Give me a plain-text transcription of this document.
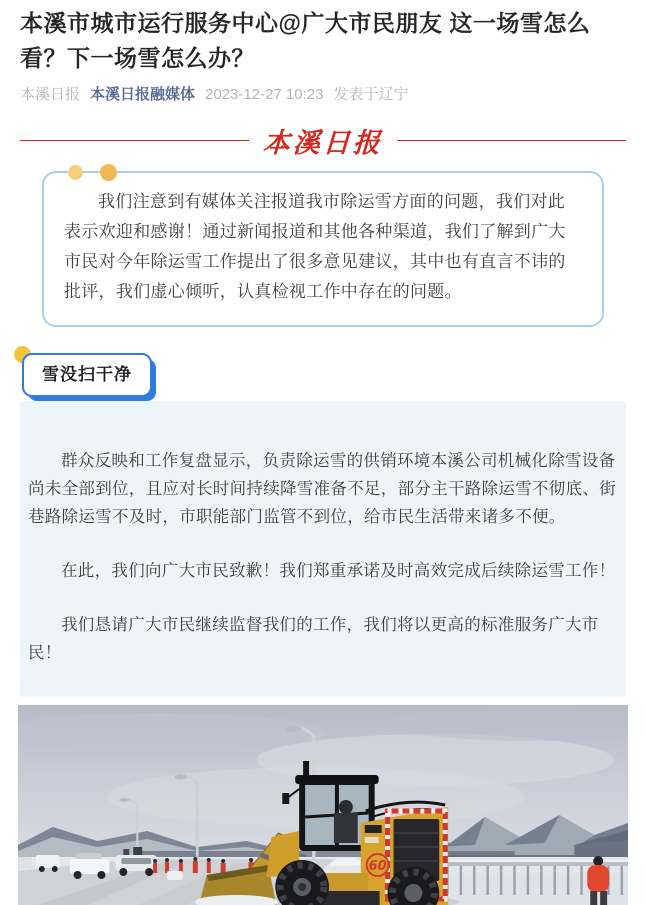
本溪市城市运行服务中心@广大市民朋友 这一场雪怎么看？下一场雪怎么办？
本溪日报 本溪日报融媒体 2023-12-27 10:23 发表于辽宁
本溪日报

我们注意到有媒体关注报道我市除运雪方面的问题，我们对此表示欢迎和感谢！通过新闻报道和其他各种渠道，我们了解到广大市民对今年除运雪工作提出了很多意见建议，其中也有直言不讳的批评，我们虚心倾听，认真检视工作中存在的问题。

雪没扫干净

群众反映和工作复盘显示，负责除运雪的供销环境本溪公司机械化除雪设备尚未全部到位，且应对长时间持续降雪准备不足，部分主干路除运雪不彻底、街巷路除运雪不及时，市职能部门监管不到位，给市民生活带来诸多不便。

在此，我们向广大市民致歉！我们郑重承诺及时高效完成后续除运雪工作！

我们恳请广大市民继续监督我们的工作，我们将以更高的标准服务广大市民！

60
